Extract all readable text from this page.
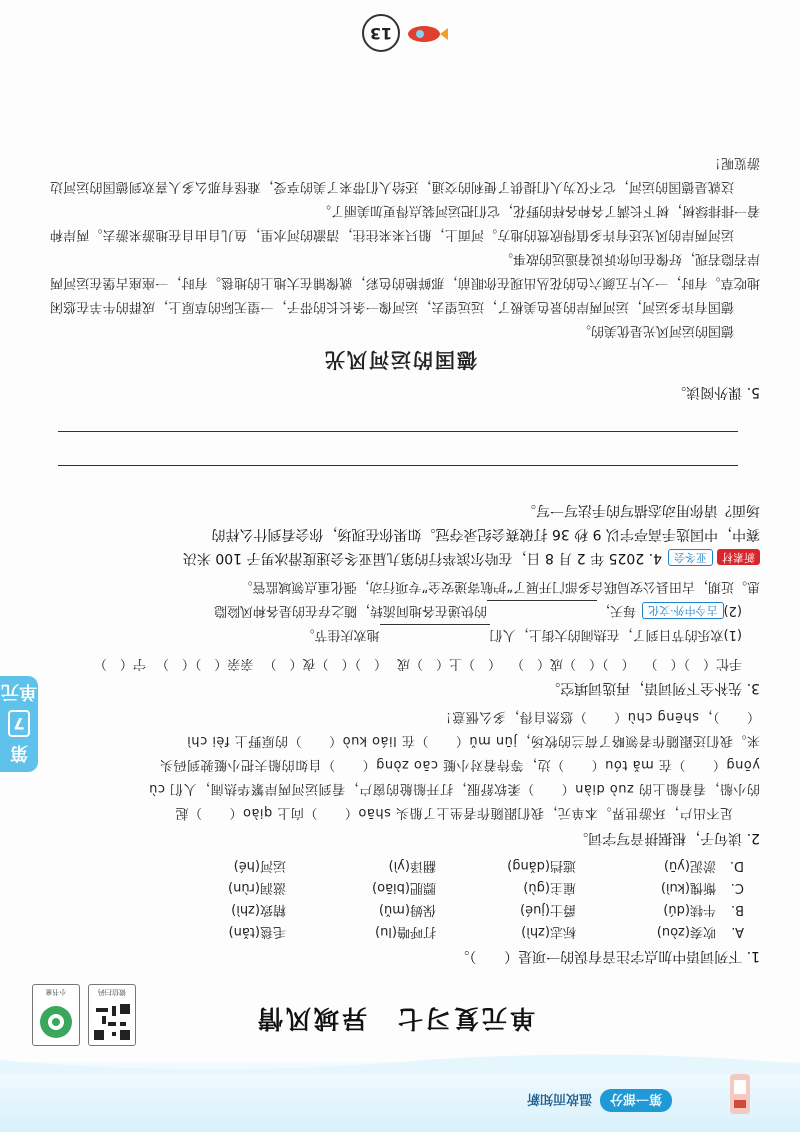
第一部分
温故而知新
第
7
单元
微信扫码
小书童
单元复习七　异域风情
1. 下列词语中加点字注音有误的一项是（　　）。
A.
吹奏(zòu)
标志(zhì)
打呼噜(lu)
毛毯(tǎn)
B.
牛犊(dú)
爵士(jué)
保姆(mǔ)
精致(zhì)
C.
惭愧(kuì)
雇主(gù)
膘肥(biāo)
滋润(rùn)
D.
淤泥(yū)
遮挡(dǎng)
翻译(yì)
运河(hé)
2. 读句子，根据拼音写字词。
　　足不出户，环游世界。本单元，我们跟随作者坐上了船头 shāo（　　）向上 qiào（　　）起
的小船，看着船上的 zuò diàn（　　）柔软舒服，打开船舱的窗户，看到运河两岸繁华热闹，人们 cù
yōng（　　）在 mǎ tóu（　　）边，等待着对小艇 cāo zòng（　　）自如的船夫把小艇驶到码头
来。我们还跟随作者领略了荷兰的牧场，jūn mǔ（　　）在 liáo kuò（　　）的原野上 fèi chì
（　　），shēng chù（　　）悠然自得，多么惬意！
3. 先补全下列词语，再选词填空。
手忙（　）（　）
（　）（　）成（　）
（　）上（　）成
（　）（　）夜（　）
亲亲（　）（　）
宁（　）
(1)欢乐的节日到了，在热闹的大街上，人们地欢庆佳节。
(2)古今中外·文化每天，的快递在各地间流转，随之存在的是各种风险隐
患。近期，古田县公安局联合多部门开展了“护航寄递安全”专项行动，强化重点领域监管。
新素材亚冬会4. 2025 年 2 月 8 日，在哈尔滨举行的第九届亚冬会速度滑冰男子 100 米决
赛中，中国选手高亭宇以 9 秒 36 打破赛会纪录夺冠。如果你在现场，你会看到什么样的
场面？请你用动态描写的手法写一写。
5. 课外阅读。
德国的运河风光
德国的运河风光是优美的。
德国有许多运河，运河两岸的景色美极了，远远望去，运河像一条长长的带子，一望无际的草原上，成群的牛羊在悠闲地吃草。有时，一大片五颜六色的花丛出现在你眼前，那鲜艳的色彩，就像铺在大地上的地毯。有时，一座座古堡在运河两岸若隐若现，好像在向你诉说着遥远的故事。
运河两岸的风光还有许多值得欣赏的地方。河面上，船只来来往往，清澈的河水里，鱼儿自由自在地游来游去。两岸种着一排排绿树，树下长满了各种各样的野花，它们把运河装点得更加美丽了。
这就是德国的运河，它不仅为人们提供了便利的交通，还给人们带来了美的享受，难怪有那么多人喜欢到德国的运河边游览呢！
13
